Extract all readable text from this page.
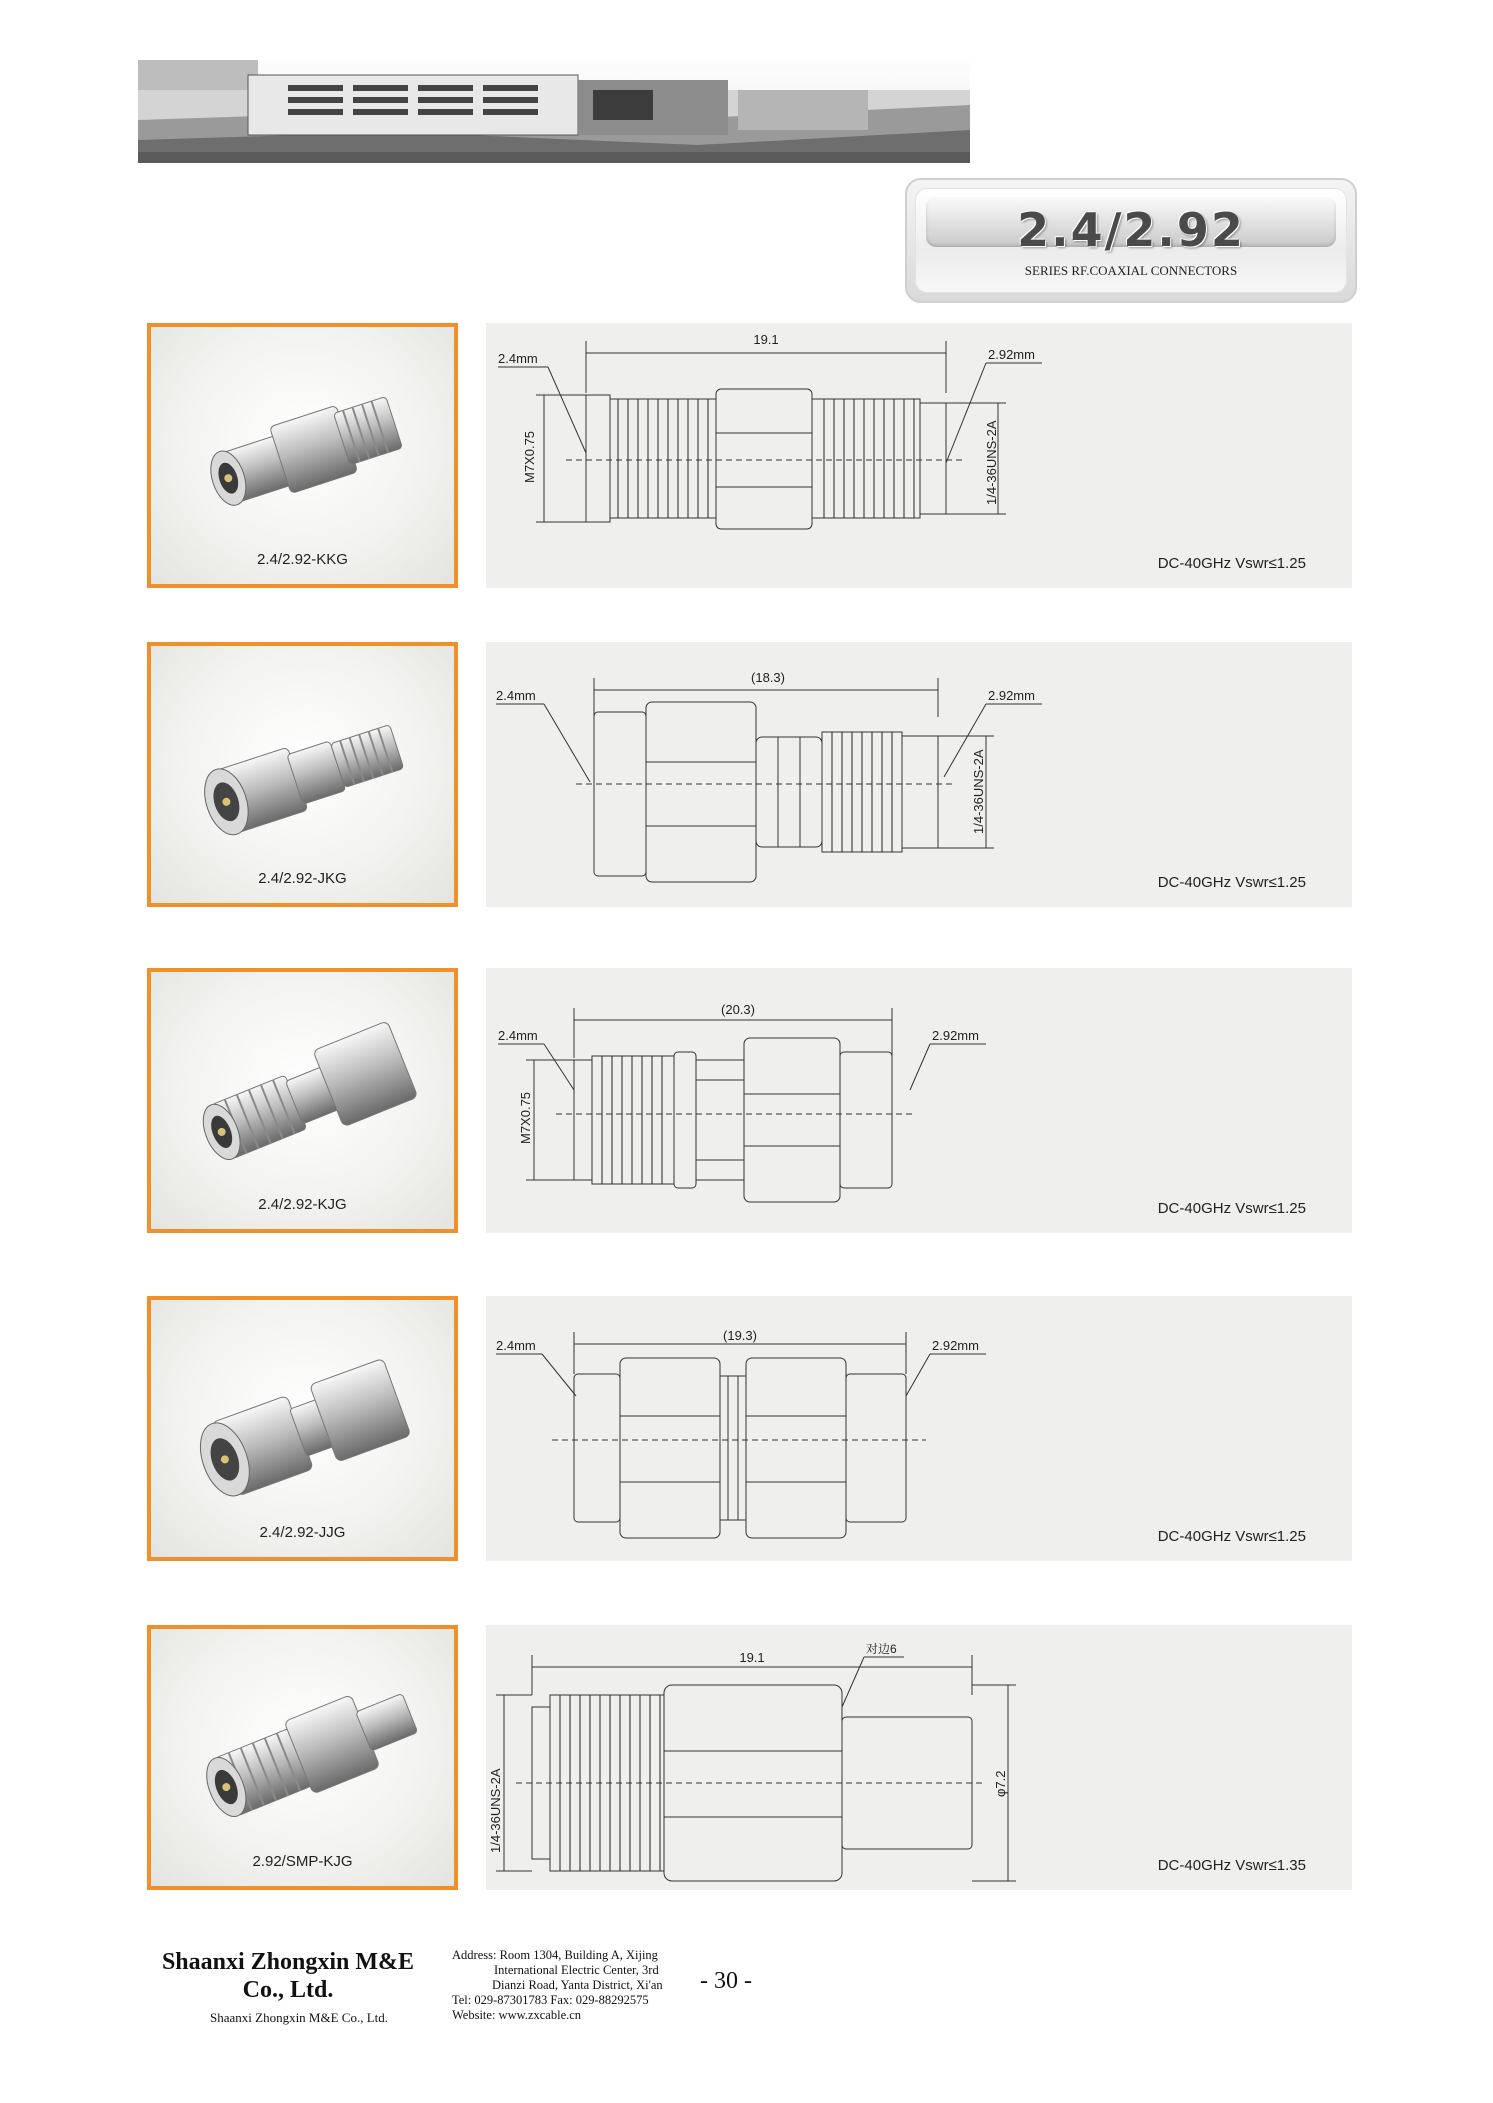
2.4/2.92
SERIES RF.COAXIAL CONNECTORS
2.4/2.92-KKG
19.1
2.4mm	2.92mm
M7X0.75	1/4-36UNS-2A
DC-40GHz Vswr≤1.25
2.4/2.92-JKG
(18.3)
2.4mm	2.92mm
1/4-36UNS-2A
DC-40GHz Vswr≤1.25
2.4/2.92-KJG
(20.3)
2.4mm	2.92mm
M7X0.75
DC-40GHz Vswr≤1.25
2.4/2.92-JJG
(19.3)
2.4mm	2.92mm
DC-40GHz Vswr≤1.25
2.92/SMP-KJG
19.1
对边6
1/4-36UNS-2A	φ7.2
DC-40GHz Vswr≤1.35
Shaanxi Zhongxin M&E
Co., Ltd.
Shaanxi Zhongxin M&E Co., Ltd.
Address: Room 1304, Building A, Xijing
International Electric Center, 3rd
Dianzi Road, Yanta District, Xi'an
Tel: 029-87301783 Fax: 029-88292575
Website: www.zxcable.cn
- 30 -
